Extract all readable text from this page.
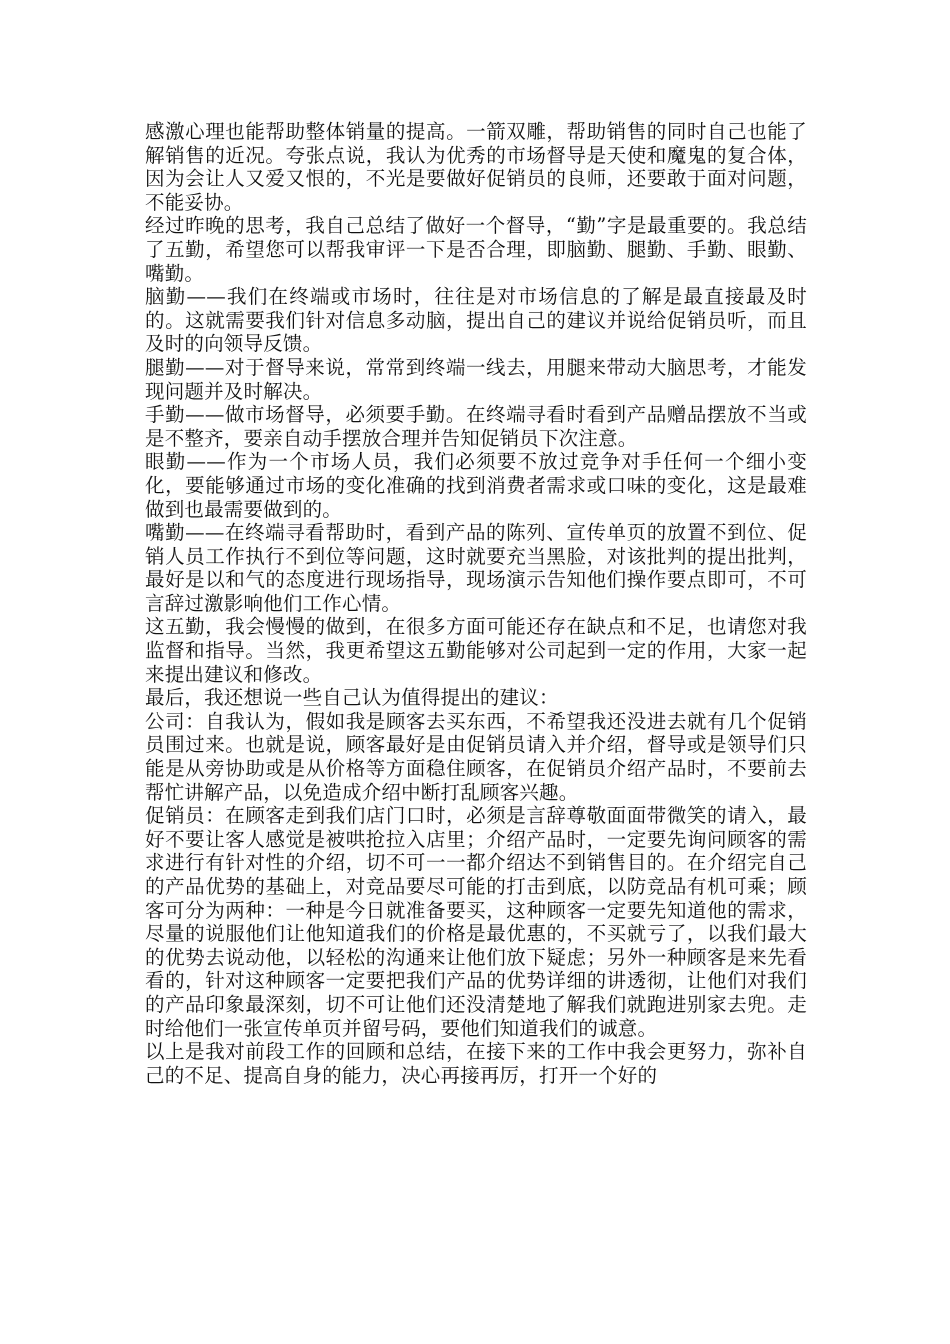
感激心理也能帮助整体销量的提高。一箭双雕，帮助销售的同时自己也能了解销售的近况。夸张点说，我认为优秀的市场督导是天使和魔鬼的复合体，因为会让人又爱又恨的，不光是要做好促销员的良师，还要敢于面对问题，不能妥协。

经过昨晚的思考，我自己总结了做好一个督导，“勤”字是最重要的。我总结了五勤，希望您可以帮我审评一下是否合理，即脑勤、腿勤、手勤、眼勤、嘴勤。

脑勤——我们在终端或市场时，往往是对市场信息的了解是最直接最及时的。这就需要我们针对信息多动脑，提出自己的建议并说给促销员听，而且及时的向领导反馈。

腿勤——对于督导来说，常常到终端一线去，用腿来带动大脑思考，才能发现问题并及时解决。

手勤——做市场督导，必须要手勤。在终端寻看时看到产品赠品摆放不当或是不整齐，要亲自动手摆放合理并告知促销员下次注意。

眼勤——作为一个市场人员，我们必须要不放过竞争对手任何一个细小变化，要能够通过市场的变化准确的找到消费者需求或口味的变化，这是最难做到也最需要做到的。

嘴勤——在终端寻看帮助时，看到产品的陈列、宣传单页的放置不到位、促销人员工作执行不到位等问题，这时就要充当黑脸，对该批判的提出批判，最好是以和气的态度进行现场指导，现场演示告知他们操作要点即可，不可言辞过激影响他们工作心情。

这五勤，我会慢慢的做到，在很多方面可能还存在缺点和不足，也请您对我监督和指导。当然，我更希望这五勤能够对公司起到一定的作用，大家一起来提出建议和修改。

最后，我还想说一些自己认为值得提出的建议：

公司：自我认为，假如我是顾客去买东西，不希望我还没进去就有几个促销员围过来。也就是说，顾客最好是由促销员请入并介绍，督导或是领导们只能是从旁协助或是从价格等方面稳住顾客，在促销员介绍产品时，不要前去帮忙讲解产品，以免造成介绍中断打乱顾客兴趣。

促销员：在顾客走到我们店门口时，必须是言辞尊敬面面带微笑的请入，最好不要让客人感觉是被哄抢拉入店里；介绍产品时，一定要先询问顾客的需求进行有针对性的介绍，切不可一一都介绍达不到销售目的。在介绍完自己的产品优势的基础上，对竞品要尽可能的打击到底，以防竞品有机可乘；顾客可分为两种：一种是今日就准备要买，这种顾客一定要先知道他的需求，尽量的说服他们让他知道我们的价格是最优惠的，不买就亏了，以我们最大的优势去说动他，以轻松的沟通来让他们放下疑虑；另外一种顾客是来先看看的，针对这种顾客一定要把我们产品的优势详细的讲透彻，让他们对我们的产品印象最深刻，切不可让他们还没清楚地了解我们就跑进别家去兜。走时给他们一张宣传单页并留号码，要他们知道我们的诚意。

以上是我对前段工作的回顾和总结，在接下来的工作中我会更努力，弥补自己的不足、提高自身的能力，决心再接再厉，打开一个好的
